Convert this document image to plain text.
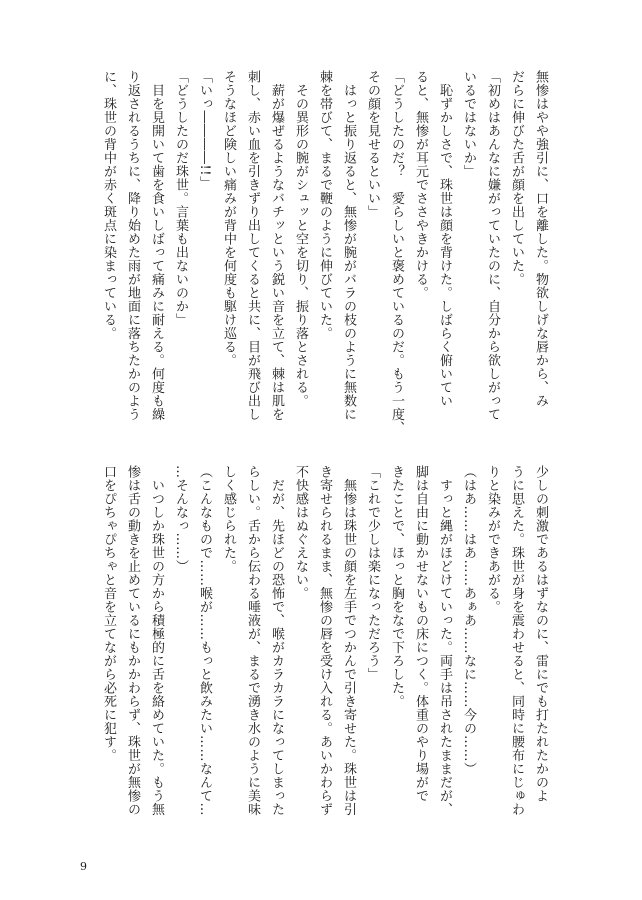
無惨はやや強引に、口を離した。物欲しげな唇から、み
だらに伸びた舌が顔を出していた。
「初めはあんなに嫌がっていたのに、自分から欲しがって
いるではないか」
　恥ずかしさで、珠世は顔を背けた。しばらく俯いてい
ると、無惨が耳元でささやきかける。
「どうしたのだ？　愛らしいと褒めているのだ。もう一度、
その顔を見せるといい」
　はっと振り返ると、無惨が腕がバラの枝のように無数に
棘を帯びて、まるで鞭のように伸びていた。
　その異形の腕がシュッと空を切り、振り落とされる。
　薪が爆ぜるようなバチッという鋭い音を立て、棘は肌を
刺し、赤い血を引きずり出してくると共に、目が飛び出し
そうなほど険しい痛みが背中を何度も駆け巡る。
「いっ――――!!」
「どうしたのだ珠世。言葉も出ないのか」
　目を見開いて歯を食いしばって痛みに耐える。何度も繰
り返されるうちに、降り始めた雨が地面に落ちたかのよう
に、珠世の背中が赤く斑点に染まっている。
少しの刺激であるはずなのに、雷にでも打たれたかのよ
うに思えた。珠世が身を震わせると、同時に腰布にじゅわ
りと染みができあがる。
（はあ……はあ……あぁあ……なに……今の……）
　すっと縄がほどけていった。両手は吊されたままだが、
脚は自由に動かせないもの床につく。体重のやり場がで
きたことで、ほっと胸をなで下ろした。
「これで少しは楽になっただろう」
　無惨は珠世の顔を左手でつかんで引き寄せた。珠世は引
き寄せられるまま、無惨の唇を受け入れる。あいかわらず
不快感はぬぐえない。
　だが、先ほどの恐怖で、喉がカラカラになってしまった
らしい。舌から伝わる唾液が、まるで湧き水のように美味
しく感じられた。
（こんなもので……喉が……もっと飲みたい……なんて…
…そんなっ……）
　いつしか珠世の方から積極的に舌を絡めていた。もう無
惨は舌の動きを止めているにもかかわらず、珠世が無惨の
口をぴちゃぴちゃと音を立てながら必死に犯す。
9
